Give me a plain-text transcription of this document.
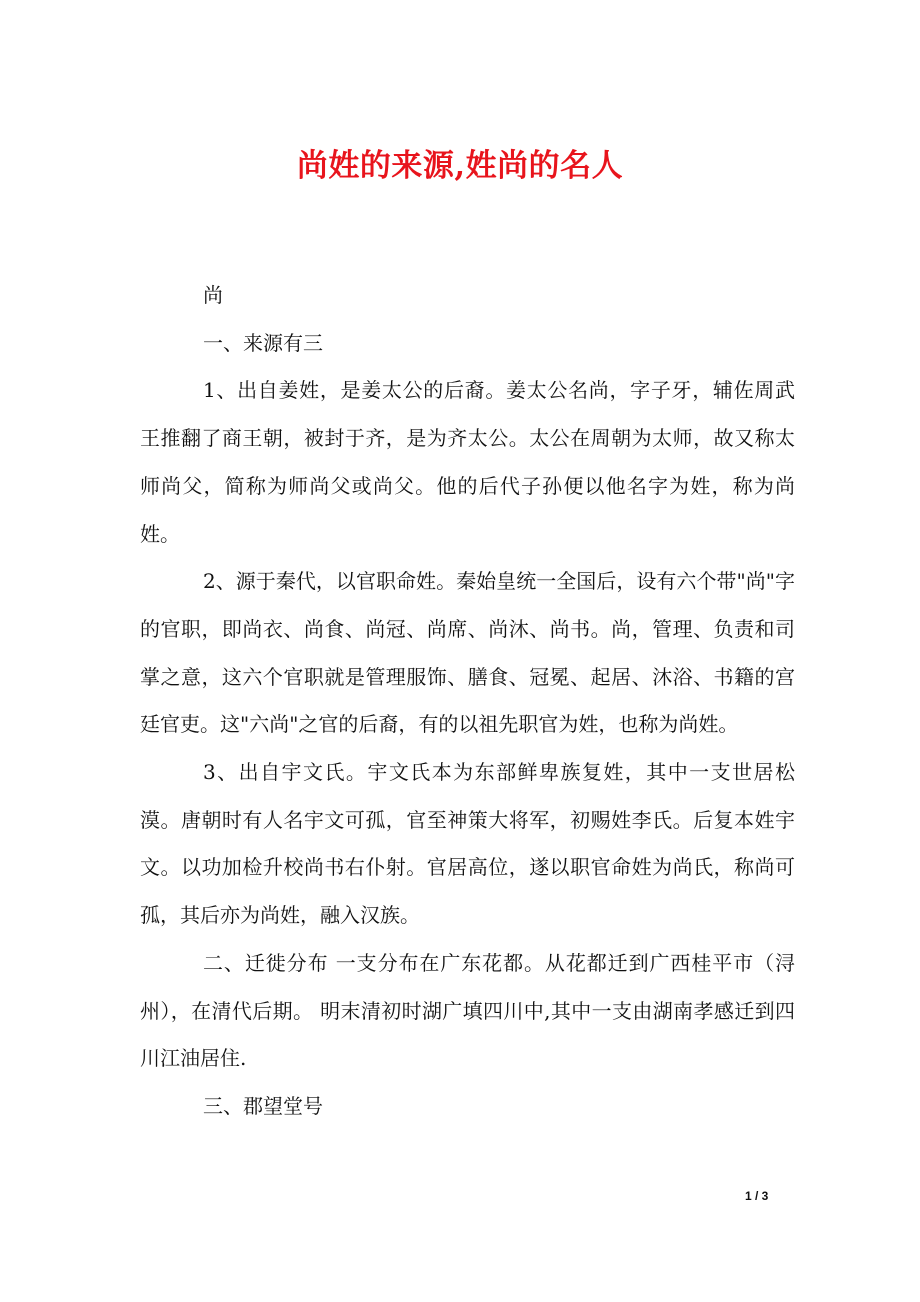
尚姓的来源,姓尚的名人

尚

一、来源有三

1、出自姜姓，是姜太公的后裔。姜太公名尚，字子牙，辅佐周武王推翻了商王朝，被封于齐，是为齐太公。太公在周朝为太师，故又称太师尚父，简称为师尚父或尚父。他的后代子孙便以他名字为姓，称为尚姓。

2、源于秦代，以官职命姓。秦始皇统一全国后，设有六个带"尚"字的官职，即尚衣、尚食、尚冠、尚席、尚沐、尚书。尚，管理、负责和司掌之意，这六个官职就是管理服饰、膳食、冠冕、起居、沐浴、书籍的宫廷官吏。这"六尚"之官的后裔，有的以祖先职官为姓，也称为尚姓。

3、出自宇文氏。宇文氏本为东部鲜卑族复姓，其中一支世居松漠。唐朝时有人名宇文可孤，官至神策大将军，初赐姓李氏。后复本姓宇文。以功加检升校尚书右仆射。官居高位，遂以职官命姓为尚氏，称尚可孤，其后亦为尚姓，融入汉族。

二、迁徙分布 一支分布在广东花都。从花都迁到广西桂平市（浔州），在清代后期。 明末清初时湖广填四川中,其中一支由湖南孝感迁到四川江油居住.

三、郡望堂号

1 / 3
